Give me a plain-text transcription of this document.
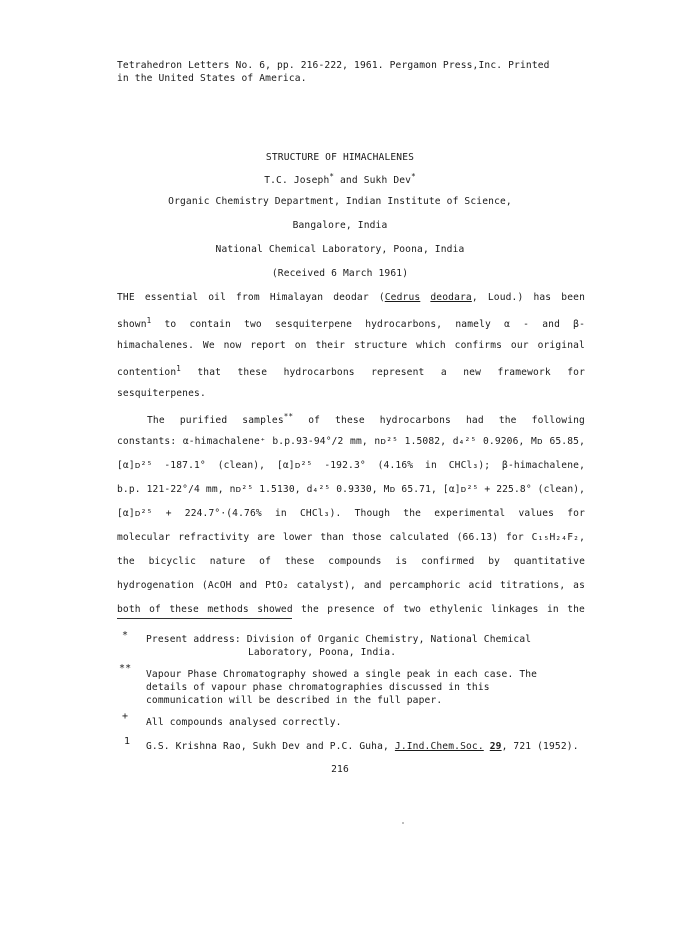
Tetrahedron Letters No. 6, pp. 216-222, 1961. Pergamon Press,Inc. Printed
in the United States of America.
STRUCTURE OF HIMACHALENES
T.C. Joseph* and Sukh Dev*
Organic Chemistry Department, Indian Institute of Science,
Bangalore, India
National Chemical Laboratory, Poona, India
(Received 6 March 1961)
THE essential oil from Himalayan deodar (Cedrus deodara, Loud.) has been
shown$^1$ to contain two sesquiterpene hydrocarbons, namely α - and β-
himachalenes. We now report on their structure which confirms our original
contention$^1$ that these hydrocarbons represent a new framework for
sesquiterpenes.
The purified samples** of these hydrocarbons had the following
constants: α-himachalene⁺ b.p.93-94°/2 mm, nᴅ²⁵ 1.5082, d₄²⁵ 0.9206, Mᴅ 65.85,
[α]ᴅ²⁵ -187.1° (clean), [α]ᴅ²⁵ -192.3° (4.16% in CHCl₃); β-himachalene,
b.p. 121-22°/4 mm, nᴅ²⁵ 1.5130, d₄²⁵ 0.9330, Mᴅ 65.71, [α]ᴅ²⁵ + 225.8° (clean),
[α]ᴅ²⁵ + 224.7°·(4.76% in CHCl₃). Though the experimental values for
molecular refractivity are lower than those calculated (66.13) for C₁₅H₂₄F₂,
the bicyclic nature of these compounds is confirmed by quantitative
hydrogenation (AcOH and PtO₂ catalyst), and percamphoric acid titrations, as
both of these methods showed the presence of two ethylenic linkages in the
* Present address: Division of Organic Chemistry, National Chemical
Laboratory, Poona, India.
**
Vapour Phase Chromatography showed a single peak in each case. The
details of vapour phase chromatographies discussed in this
communication will be described in the full paper.
+
All compounds analysed correctly.
1 G.S. Krishna Rao, Sukh Dev and P.C. Guha, J.Ind.Chem.Soc. 29, 721 (1952).
216
